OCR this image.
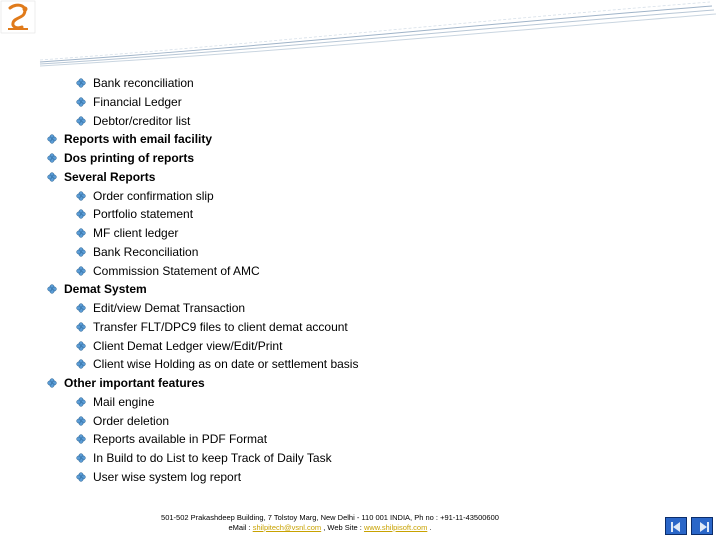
Bank reconciliation
Financial Ledger
Debtor/creditor list
Reports with email facility
Dos printing of reports
Several Reports
Order confirmation slip
Portfolio statement
MF client ledger
Bank Reconciliation
Commission Statement of AMC
Demat System
Edit/view Demat Transaction
Transfer FLT/DPC9 files to client demat account
Client Demat Ledger view/Edit/Print
Client wise Holding as on date or settlement basis
Other important features
Mail engine
Order deletion
Reports available in PDF Format
In Build to do List to keep Track of Daily Task
User wise system log report
501-502 Prakashdeep Building, 7 Tolstoy Marg, New Delhi - 110 001 INDIA, Ph no : +91-11-43500600
eMail : shilpitech@vsnl.com , Web Site : www.shilpisoft.com .
